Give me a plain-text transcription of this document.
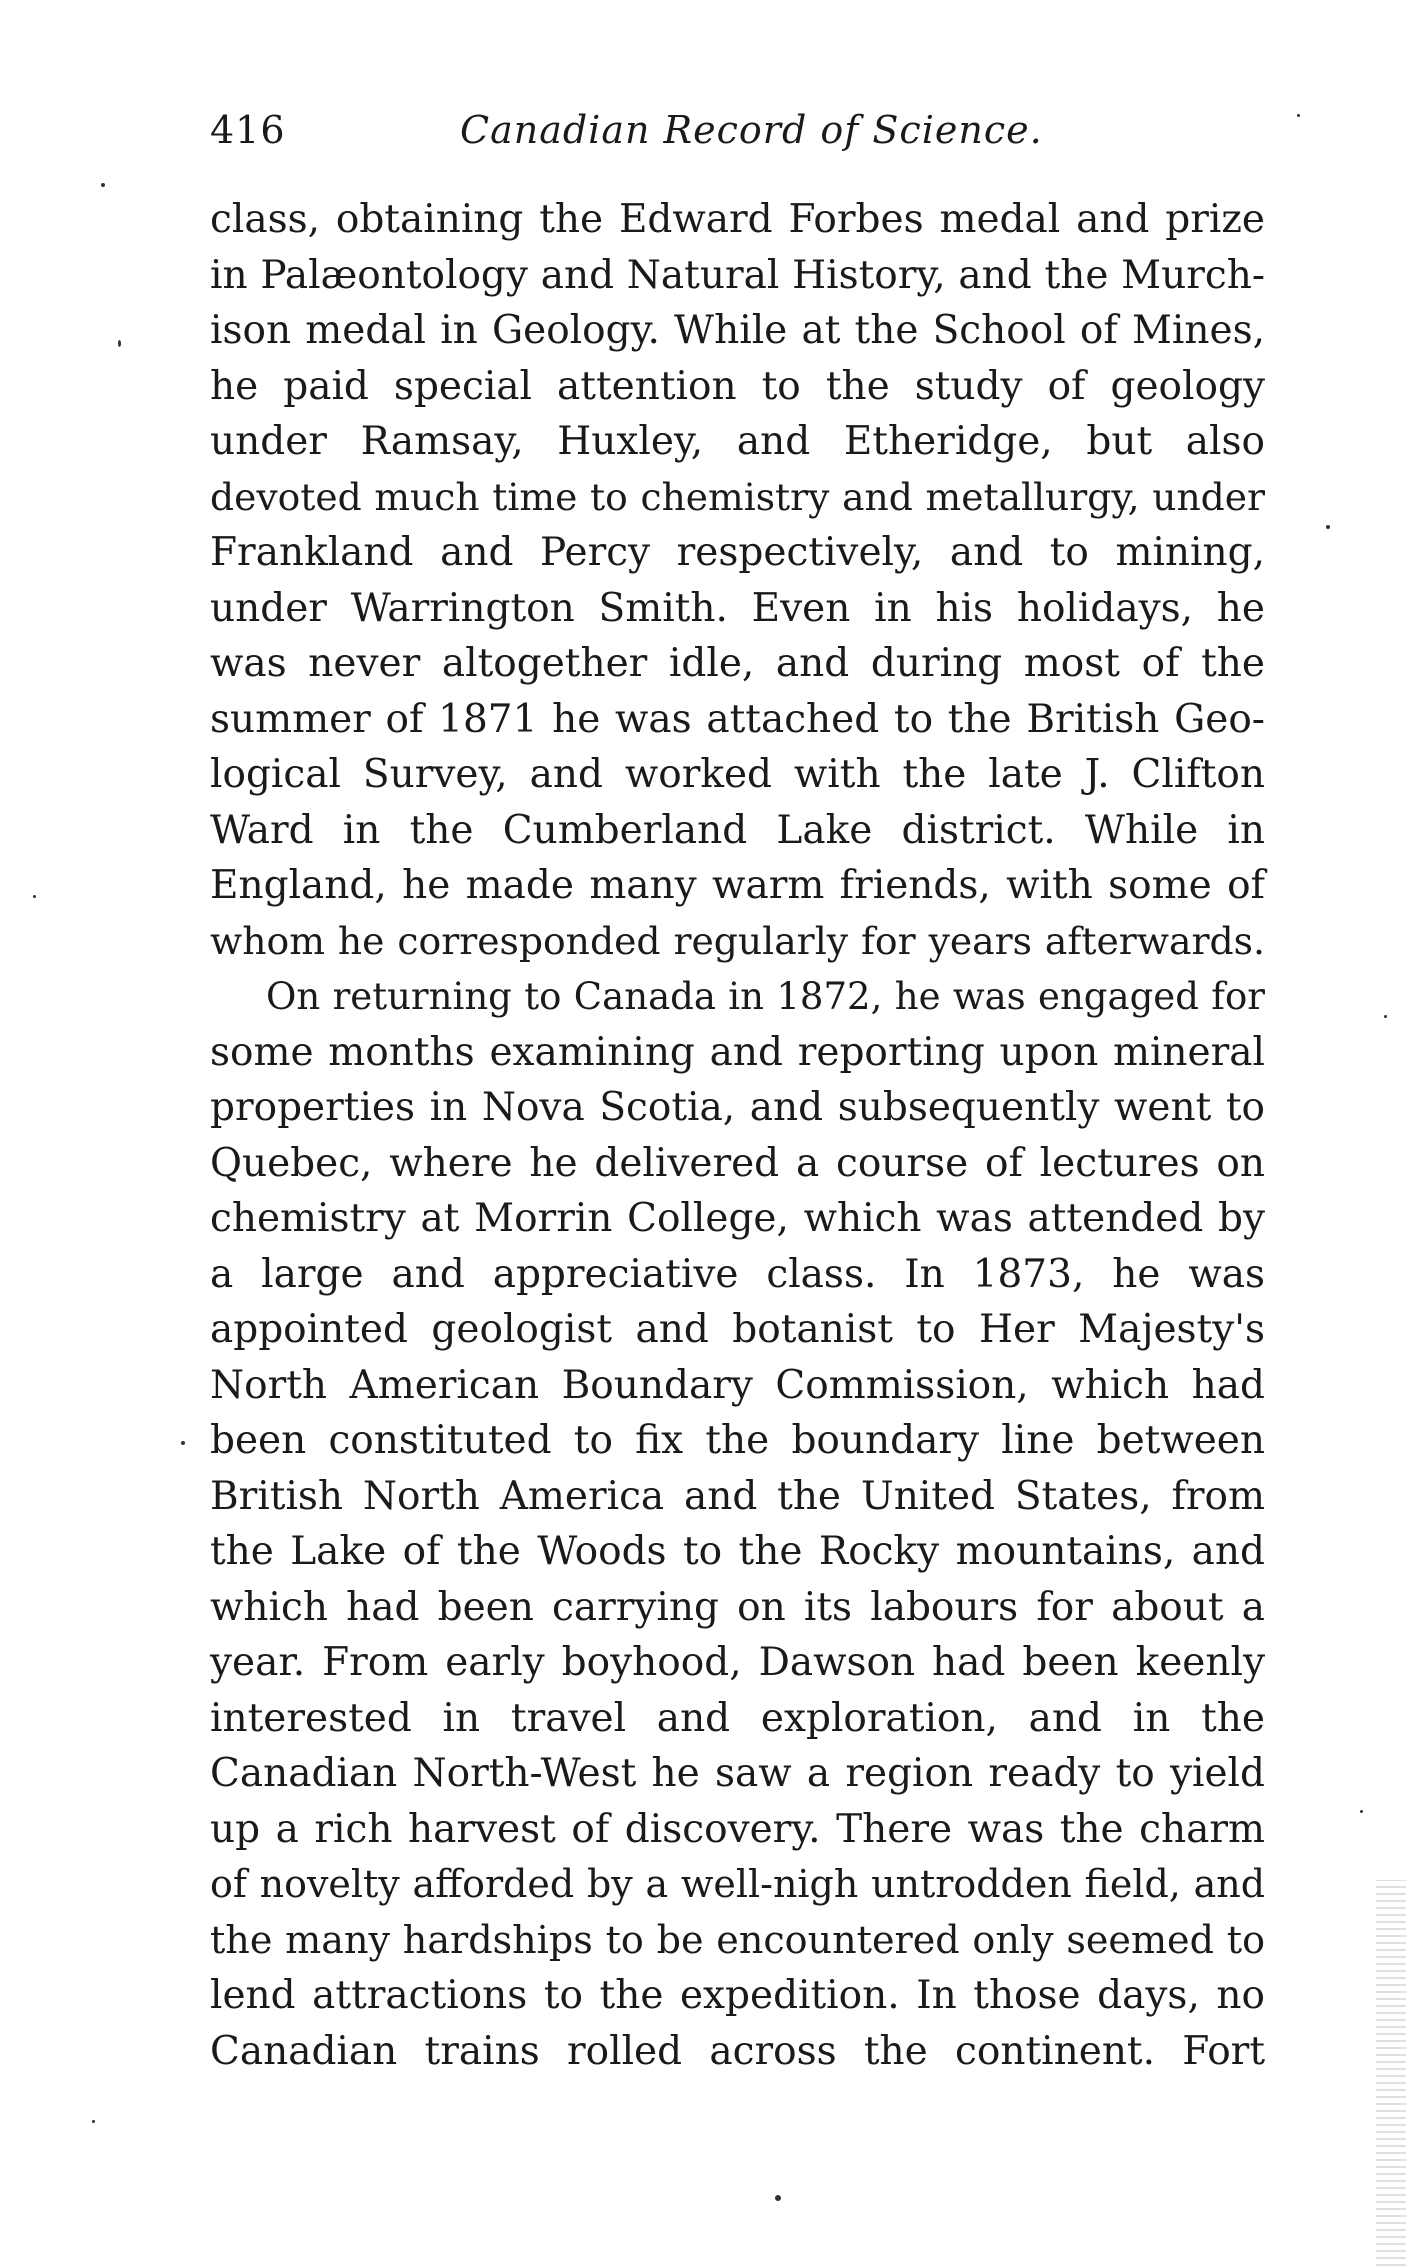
416	Canadian Record of Science.
class, obtaining the Edward Forbes medal and prize
in Palæontology and Natural History, and the Murch-
ison medal in Geology. While at the School of Mines,
he paid special attention to the study of geology
under Ramsay, Huxley, and Etheridge, but also
devoted much time to chemistry and metallurgy, under
Frankland and Percy respectively, and to mining,
under Warrington Smith. Even in his holidays, he
was never altogether idle, and during most of the
summer of 1871 he was attached to the British Geo-
logical Survey, and worked with the late J. Clifton
Ward in the Cumberland Lake district. While in
England, he made many warm friends, with some of
whom he corresponded regularly for years afterwards.
On returning to Canada in 1872, he was engaged for
some months examining and reporting upon mineral
properties in Nova Scotia, and subsequently went to
Quebec, where he delivered a course of lectures on
chemistry at Morrin College, which was attended by
a large and appreciative class. In 1873, he was
appointed geologist and botanist to Her Majesty's
North American Boundary Commission, which had
been constituted to fix the boundary line between
British North America and the United States, from
the Lake of the Woods to the Rocky mountains, and
which had been carrying on its labours for about a
year. From early boyhood, Dawson had been keenly
interested in travel and exploration, and in the
Canadian North-West he saw a region ready to yield
up a rich harvest of discovery. There was the charm
of novelty afforded by a well-nigh untrodden field, and
the many hardships to be encountered only seemed to
lend attractions to the expedition. In those days, no
Canadian trains rolled across the continent. Fort
